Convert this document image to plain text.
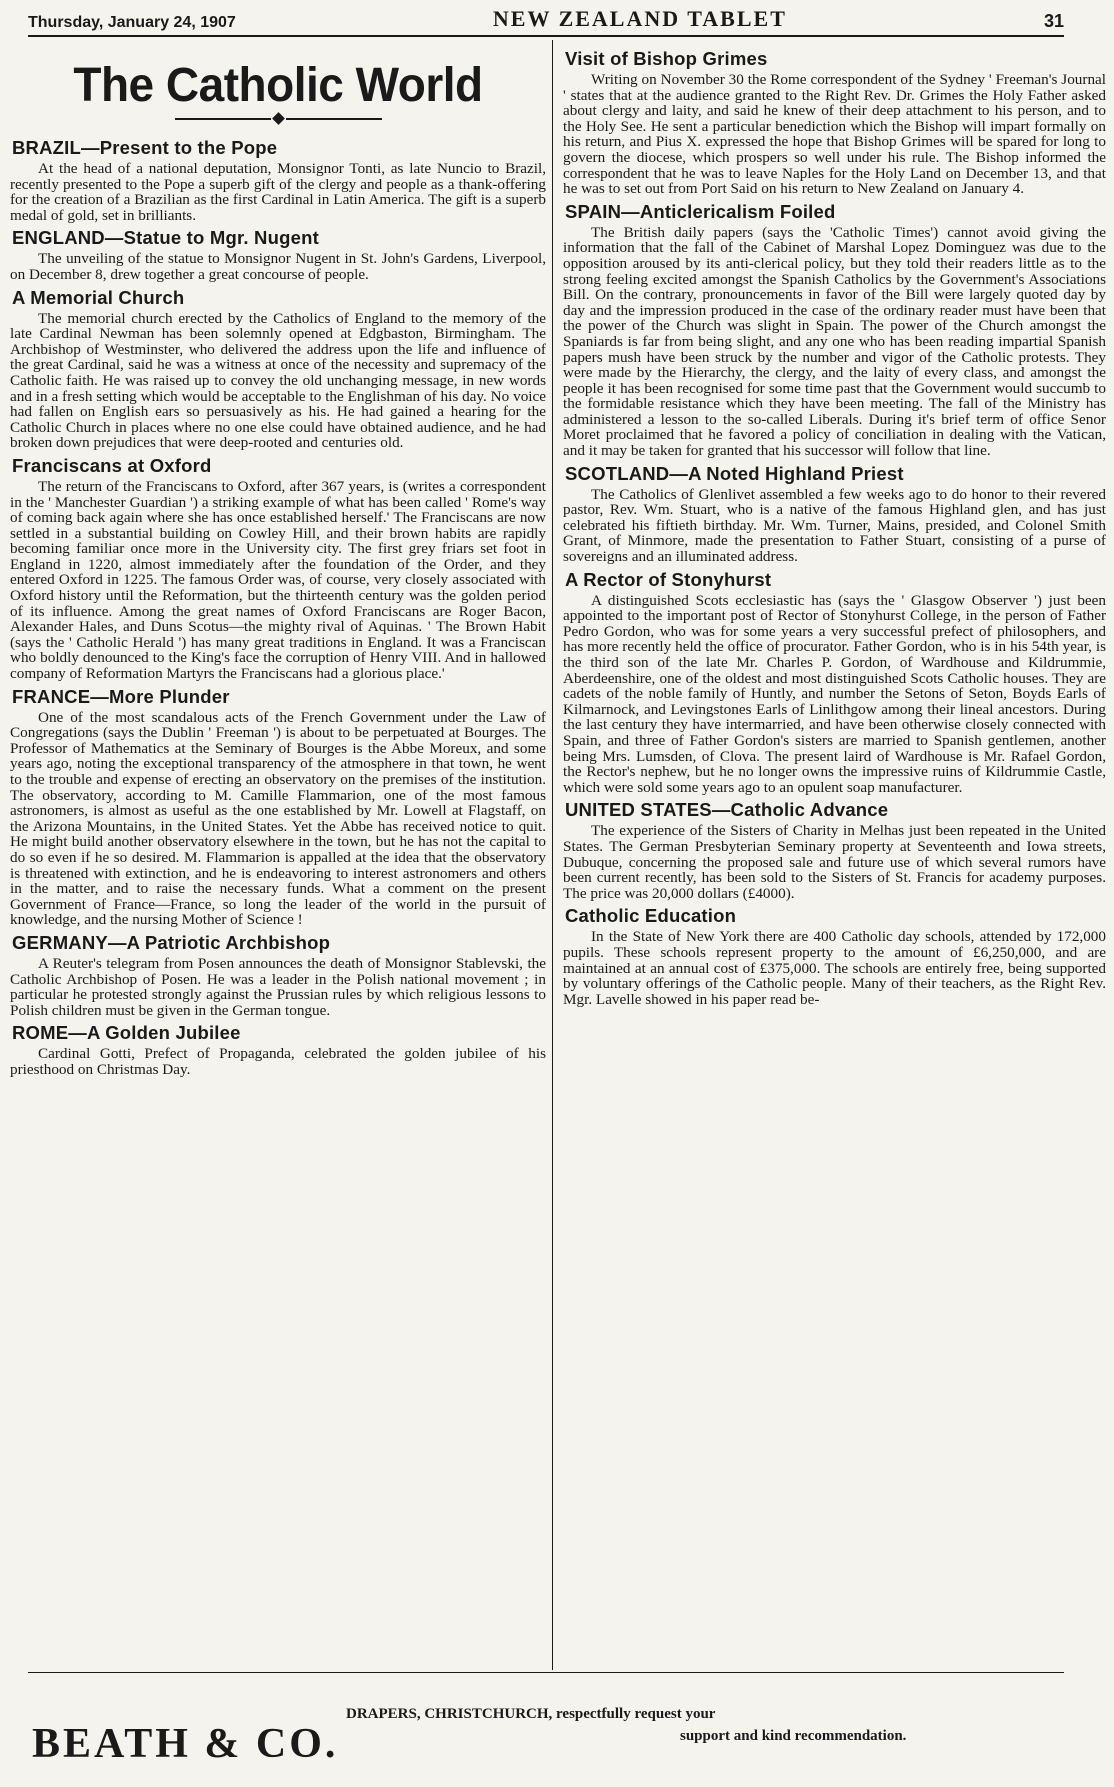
Thursday, January 24, 1907	NEW ZEALAND TABLET	31
The Catholic World
BRAZIL—Present to the Pope

At the head of a national deputation, Monsignor Tonti, as late Nuncio to Brazil, recently presented to the Pope a superb gift of the clergy and people as a thank-offering for the creation of a Brazilian as the first Cardinal in Latin America. The gift is a superb medal of gold, set in brilliants.

ENGLAND—Statue to Mgr. Nugent

The unveiling of the statue to Monsignor Nugent in St. John's Gardens, Liverpool, on December 8, drew together a great concourse of people.

A Memorial Church

The memorial church erected by the Catholics of England to the memory of the late Cardinal Newman has been solemnly opened at Edgbaston, Birmingham. The Archbishop of Westminster, who delivered the address upon the life and influence of the great Cardinal, said he was a witness at once of the necessity and supremacy of the Catholic faith. He was raised up to convey the old unchanging message, in new words and in a fresh setting which would be acceptable to the Englishman of his day. No voice had fallen on English ears so persuasively as his. He had gained a hearing for the Catholic Church in places where no one else could have obtained audience, and he had broken down prejudices that were deep-rooted and centuries old.

Franciscans at Oxford

The return of the Franciscans to Oxford, after 367 years, is (writes a correspondent in the ' Manchester Guardian ') a striking example of what has been called ' Rome's way of coming back again where she has once established herself.' The Franciscans are now settled in a substantial building on Cowley Hill, and their brown habits are rapidly becoming familiar once more in the University city. The first grey friars set foot in England in 1220, almost immediately after the foundation of the Order, and they entered Oxford in 1225. The famous Order was, of course, very closely associated with Oxford history until the Reformation, but the thirteenth century was the golden period of its influence. Among the great names of Oxford Franciscans are Roger Bacon, Alexander Hales, and Duns Scotus—the mighty rival of Aquinas. ' The Brown Habit (says the ' Catholic Herald ') has many great traditions in England. It was a Franciscan who boldly denounced to the King's face the corruption of Henry VIII. And in hallowed company of Reformation Martyrs the Franciscans had a glorious place.'

FRANCE—More Plunder

One of the most scandalous acts of the French Government under the Law of Congregations (says the Dublin ' Freeman ') is about to be perpetuated at Bourges. The Professor of Mathematics at the Seminary of Bourges is the Abbe Moreux, and some years ago, noting the exceptional transparency of the atmosphere in that town, he went to the trouble and expense of erecting an observatory on the premises of the institution. The observatory, according to M. Camille Flammarion, one of the most famous astronomers, is almost as useful as the one established by Mr. Lowell at Flagstaff, on the Arizona Mountains, in the United States. Yet the Abbe has received notice to quit. He might build another observatory elsewhere in the town, but he has not the capital to do so even if he so desired. M. Flammarion is appalled at the idea that the observatory is threatened with extinction, and he is endeavoring to interest astronomers and others in the matter, and to raise the necessary funds. What a comment on the present Government of France—France, so long the leader of the world in the pursuit of knowledge, and the nursing Mother of Science !

GERMANY—A Patriotic Archbishop

A Reuter's telegram from Posen announces the death of Monsignor Stablevski, the Catholic Archbishop of Posen. He was a leader in the Polish national movement ; in particular he protested strongly against the Prussian rules by which religious lessons to Polish children must be given in the German tongue.

ROME—A Golden Jubilee

Cardinal Gotti, Prefect of Propaganda, celebrated the golden jubilee of his priesthood on Christmas Day.

Visit of Bishop Grimes

Writing on November 30 the Rome correspondent of the Sydney ' Freeman's Journal ' states that at the audience granted to the Right Rev. Dr. Grimes the Holy Father asked about clergy and laity, and said he knew of their deep attachment to his person, and to the Holy See. He sent a particular benediction which the Bishop will impart formally on his return, and Pius X. expressed the hope that Bishop Grimes will be spared for long to govern the diocese, which prospers so well under his rule. The Bishop informed the correspondent that he was to leave Naples for the Holy Land on December 13, and that he was to set out from Port Said on his return to New Zealand on January 4.

SPAIN—Anticlericalism Foiled

The British daily papers (says the 'Catholic Times') cannot avoid giving the information that the fall of the Cabinet of Marshal Lopez Dominguez was due to the opposition aroused by its anti-clerical policy, but they told their readers little as to the strong feeling excited amongst the Spanish Catholics by the Government's Associations Bill. On the contrary, pronouncements in favor of the Bill were largely quoted day by day and the impression produced in the case of the ordinary reader must have been that the power of the Church was slight in Spain. The power of the Church amongst the Spaniards is far from being slight, and any one who has been reading impartial Spanish papers mush have been struck by the number and vigor of the Catholic protests. They were made by the Hierarchy, the clergy, and the laity of every class, and amongst the people it has been recognised for some time past that the Government would succumb to the formidable resistance which they have been meeting. The fall of the Ministry has administered a lesson to the so-called Liberals. During it's brief term of office Senor Moret proclaimed that he favored a policy of conciliation in dealing with the Vatican, and it may be taken for granted that his successor will follow that line.

SCOTLAND—A Noted Highland Priest

The Catholics of Glenlivet assembled a few weeks ago to do honor to their revered pastor, Rev. Wm. Stuart, who is a native of the famous Highland glen, and has just celebrated his fiftieth birthday. Mr. Wm. Turner, Mains, presided, and Colonel Smith Grant, of Minmore, made the presentation to Father Stuart, consisting of a purse of sovereigns and an illuminated address.

A Rector of Stonyhurst

A distinguished Scots ecclesiastic has (says the ' Glasgow Observer ') just been appointed to the important post of Rector of Stonyhurst College, in the person of Father Pedro Gordon, who was for some years a very successful prefect of philosophers, and has more recently held the office of procurator. Father Gordon, who is in his 54th year, is the third son of the late Mr. Charles P. Gordon, of Wardhouse and Kildrummie, Aberdeenshire, one of the oldest and most distinguished Scots Catholic houses. They are cadets of the noble family of Huntly, and number the Setons of Seton, Boyds Earls of Kilmarnock, and Levingstones Earls of Linlithgow among their lineal ancestors. During the last century they have intermarried, and have been otherwise closely connected with Spain, and three of Father Gordon's sisters are married to Spanish gentlemen, another being Mrs. Lumsden, of Clova. The present laird of Wardhouse is Mr. Rafael Gordon, the Rector's nephew, but he no longer owns the impressive ruins of Kildrummie Castle, which were sold some years ago to an opulent soap manufacturer.

UNITED STATES—Catholic Advance

The experience of the Sisters of Charity in Melhas just been repeated in the United States. The German Presbyterian Seminary property at Seventeenth and Iowa streets, Dubuque, concerning the proposed sale and future use of which several rumors have been current recently, has been sold to the Sisters of St. Francis for academy purposes. The price was 20,000 dollars (£4000).

Catholic Education

In the State of New York there are 400 Catholic day schools, attended by 172,000 pupils. These schools represent property to the amount of £6,250,000, and are maintained at an annual cost of £375,000. The schools are entirely free, being supported by voluntary offerings of the Catholic people. Many of their teachers, as the Right Rev. Mgr. Lavelle showed in his paper read be-

BEATH & CO.
DRAPERS, CHRISTCHURCH, respectfully request your
support and kind recommendation.
